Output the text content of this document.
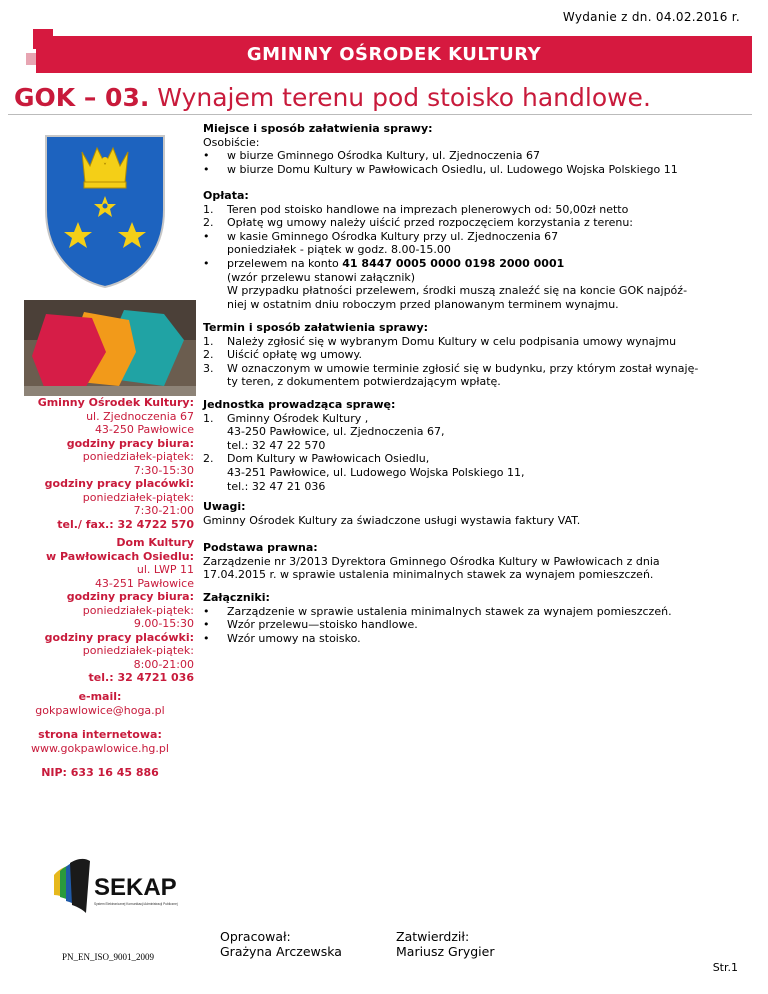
Wydanie z dn. 04.02.2016 r.
GMINNY OŚRODEK KULTURY
GOK – 03. Wynajem terenu pod stoisko handlowe.

Miejsce i sposób załatwienia sprawy:

Osobiście:

• w biurze Gminnego Ośrodka Kultury, ul. Zjednoczenia 67

• w biurze Domu Kultury w Pawłowicach Osiedlu, ul. Ludowego Wojska Polskiego 11

Opłata:

1. Teren pod stoisko handlowe na imprezach plenerowych od: 50,00zł netto

2. Opłatę wg umowy należy uiścić przed rozpoczęciem korzystania z terenu:

• w kasie Gminnego Ośrodka Kultury przy ul. Zjednoczenia 67

poniedziałek - piątek w godz. 8.00-15.00

• przelewem na konto 41 8447 0005 0000 0198 2000 0001

(wzór przelewu stanowi załącznik)

W przypadku płatności przelewem, środki muszą znaleźć się na koncie GOK najpóź-

niej w ostatnim dniu roboczym przed planowanym terminem wynajmu.

Termin i sposób załatwienia sprawy:

1. Należy zgłosić się w wybranym Domu Kultury w celu podpisania umowy wynajmu

2. Uiścić opłatę wg umowy.

3. W oznaczonym w umowie terminie zgłosić się w budynku, przy którym został wynaję-

ty teren, z dokumentem potwierdzającym wpłatę.

Jednostka prowadząca sprawę:

1. Gminny Ośrodek Kultury ,

43-250 Pawłowice, ul. Zjednoczenia 67,

tel.: 32 47 22 570

2. Dom Kultury w Pawłowicach Osiedlu,

43-251 Pawłowice, ul. Ludowego Wojska Polskiego 11,

tel.: 32 47 21 036

Uwagi:

Gminny Ośrodek Kultury za świadczone usługi wystawia faktury VAT.

Podstawa prawna:

Zarządzenie nr 3/2013 Dyrektora Gminnego Ośrodka Kultury w Pawłowicach z dnia

17.04.2015 r. w sprawie ustalenia minimalnych stawek za wynajem pomieszczeń.

Załączniki:

• Zarządzenie w sprawie ustalenia minimalnych stawek za wynajem pomieszczeń.

• Wzór przelewu—stoisko handlowe.

• Wzór umowy na stoisko.

Gminny Ośrodek Kultury:
ul. Zjednoczenia 67
43-250 Pawłowice
godziny pracy biura:
poniedziałek-piątek:
7:30-15:30
godziny pracy placówki:
poniedziałek-piątek:
7:30-21:00
tel./ fax.: 32 4722 570
Dom Kultury
w Pawłowicach Osiedlu:
ul. LWP 11
43-251 Pawłowice
godziny pracy biura:
poniedziałek-piątek:
9.00-15:30
godziny pracy placówki:
poniedziałek-piątek:
8:00-21:00
tel.: 32 4721 036
e-mail:
gokpawlowice@hoga.pl
strona internetowa:
www.gokpawlowice.hg.pl
NIP: 633 16 45 886
SEKAP
System Elektronicznej Komunikacji Administracji Publicznej
PN_EN_ISO_9001_2009
Opracował:
Grażyna Arczewska
Zatwierdził:
Mariusz Grygier
Str.1
